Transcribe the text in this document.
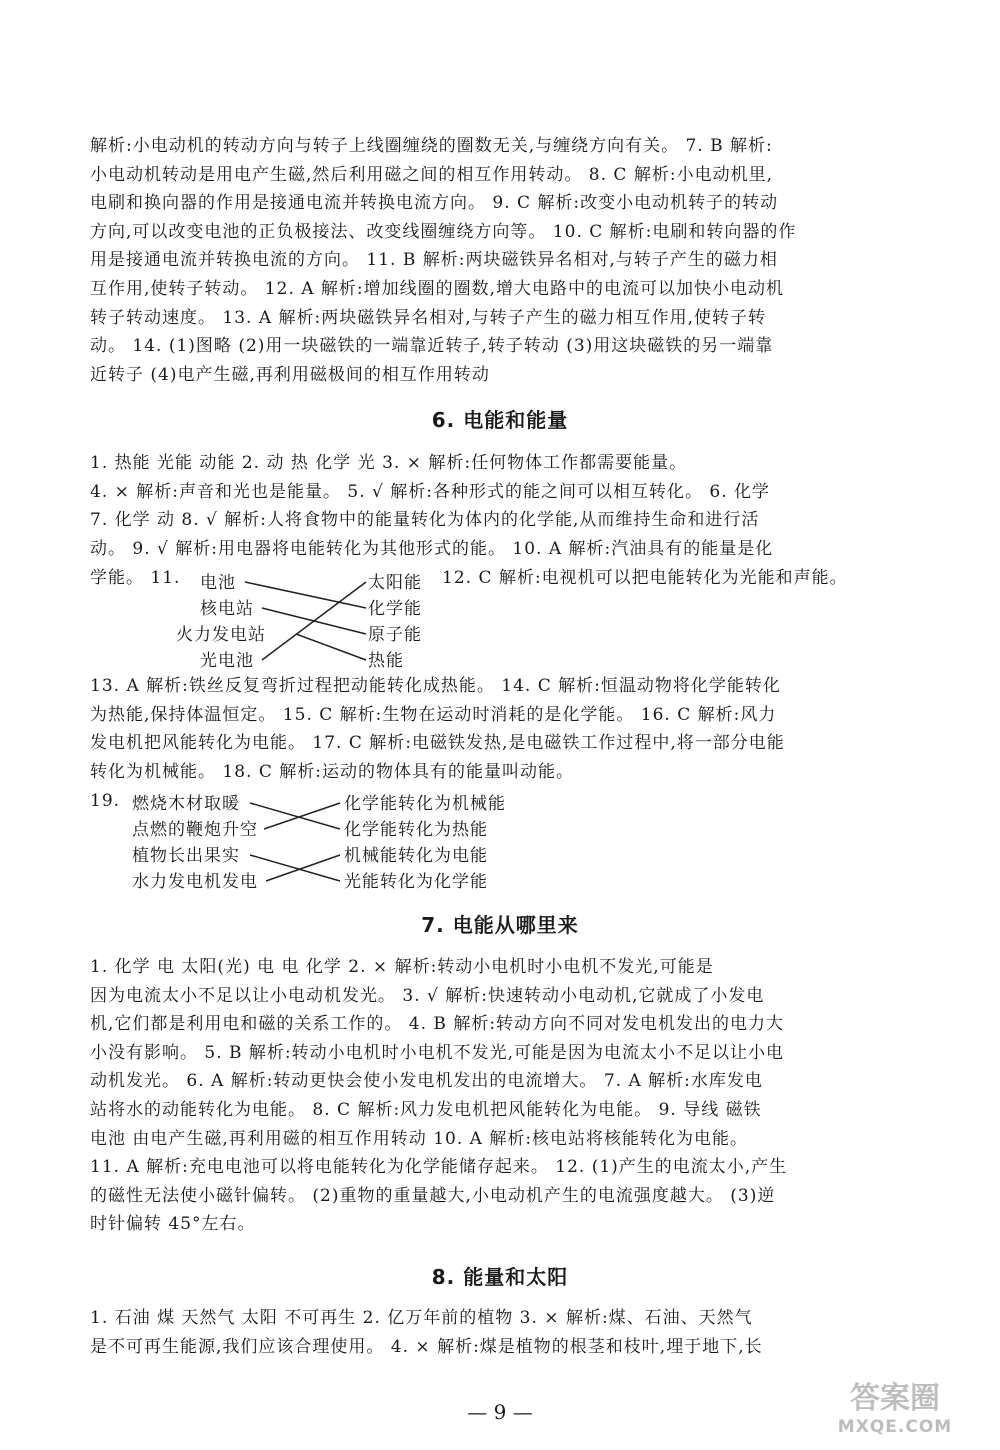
解析:小电动机的转动方向与转子上线圈缠绕的圈数无关,与缠绕方向有关。 7. B 解析:
小电动机转动是用电产生磁,然后利用磁之间的相互作用转动。 8. C 解析:小电动机里,
电刷和换向器的作用是接通电流并转换电流方向。 9. C 解析:改变小电动机转子的转动
方向,可以改变电池的正负极接法、改变线圈缠绕方向等。 10. C 解析:电刷和转向器的作
用是接通电流并转换电流的方向。 11. B 解析:两块磁铁异名相对,与转子产生的磁力相
互作用,使转子转动。 12. A 解析:增加线圈的圈数,增大电路中的电流可以加快小电动机
转子转动速度。 13. A 解析:两块磁铁异名相对,与转子产生的磁力相互作用,使转子转
动。 14. (1)图略 (2)用一块磁铁的一端靠近转子,转子转动 (3)用这块磁铁的另一端靠
近转子 (4)电产生磁,再利用磁极间的相互作用转动
6. 电能和能量
1. 热能 光能 动能 2. 动 热 化学 光 3. × 解析:任何物体工作都需要能量。
4. × 解析:声音和光也是能量。 5. √ 解析:各种形式的能之间可以相互转化。 6. 化学
7. 化学 动 8. √ 解析:人将食物中的能量转化为体内的化学能,从而维持生命和进行活
动。 9. √ 解析:用电器将电能转化为其他形式的能。 10. A 解析:汽油具有的能量是化
学能。 11.	12. C 解析:电视机可以把电能转化为光能和声能。
电池
核电站
火力发电站
光电池
太阳能
化学能
原子能
热能
13. A 解析:铁丝反复弯折过程把动能转化成热能。 14. C 解析:恒温动物将化学能转化
为热能,保持体温恒定。 15. C 解析:生物在运动时消耗的是化学能。 16. C 解析:风力
发电机把风能转化为电能。 17. C 解析:电磁铁发热,是电磁铁工作过程中,将一部分电能
转化为机械能。 18. C 解析:运动的物体具有的能量叫动能。
19. 燃烧木材取暖
点燃的鞭炮升空
植物长出果实
水力发电机发电
化学能转化为机械能
化学能转化为热能
机械能转化为电能
光能转化为化学能
7. 电能从哪里来
1. 化学 电 太阳(光) 电 电 化学 2. × 解析:转动小电机时小电机不发光,可能是
因为电流太小不足以让小电动机发光。 3. √ 解析:快速转动小电动机,它就成了小发电
机,它们都是利用电和磁的关系工作的。 4. B 解析:转动方向不同对发电机发出的电力大
小没有影响。 5. B 解析:转动小电机时小电机不发光,可能是因为电流太小不足以让小电
动机发光。 6. A 解析:转动更快会使小发电机发出的电流增大。 7. A 解析:水库发电
站将水的动能转化为电能。 8. C 解析:风力发电机把风能转化为电能。 9. 导线 磁铁
电池 由电产生磁,再利用磁的相互作用转动 10. A 解析:核电站将核能转化为电能。
11. A 解析:充电电池可以将电能转化为化学能储存起来。 12. (1)产生的电流太小,产生
的磁性无法使小磁针偏转。 (2)重物的重量越大,小电动机产生的电流强度越大。 (3)逆
时针偏转 45°左右。
8. 能量和太阳
1. 石油 煤 天然气 太阳 不可再生 2. 亿万年前的植物 3. × 解析:煤、石油、天然气
是不可再生能源,我们应该合理使用。 4. × 解析:煤是植物的根茎和枝叶,埋于地下,长
— 9 —	答案圈
MXQE.COM
